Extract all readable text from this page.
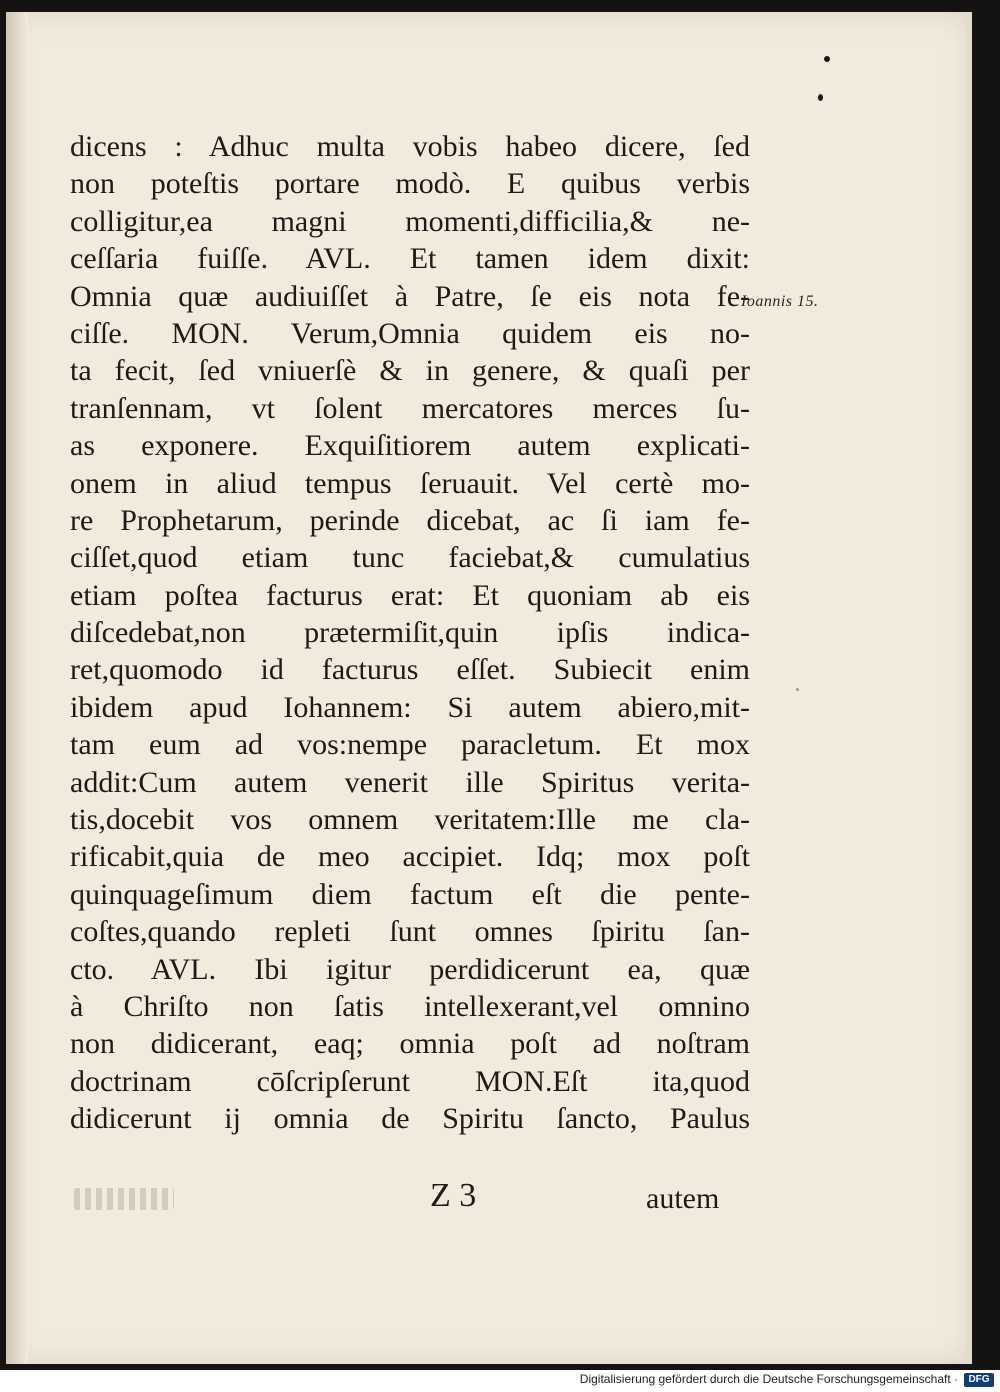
dicens : Adhuc multa vobis habeo dicere, ſed
non poteſtis portare modò. E quibus verbis
colligitur,ea magni momenti,difficilia,& ne-
ceſſaria fuiſſe. AVL. Et tamen idem dixit:
Omnia quæ audiuiſſet à Patre, ſe eis nota fe-
ciſſe. MON. Verum,Omnia quidem eis no-
ta fecit, ſed vniuerſè & in genere, & quaſi per
tranſennam, vt ſolent mercatores merces ſu-
as exponere. Exquiſitiorem autem explicati-
onem in aliud tempus ſeruauit. Vel certè mo-
re Prophetarum, perinde dicebat, ac ſi iam fe-
ciſſet,quod etiam tunc faciebat,& cumulatius
etiam poſtea facturus erat: Et quoniam ab eis
diſcedebat,non prætermiſit,quin ipſis indica-
ret,quomodo id facturus eſſet. Subiecit enim
ibidem apud Iohannem: Si autem abiero,mit-
tam eum ad vos:nempe paracletum. Et mox
addit:Cum autem venerit ille Spiritus verita-
tis,docebit vos omnem veritatem:Ille me cla-
rificabit,quia de meo accipiet. Idq; mox poſt
quinquageſimum diem factum eſt die pente-
coſtes,quando repleti ſunt omnes ſpiritu ſan-
cto. AVL. Ibi igitur perdidicerunt ea, quæ
à Chriſto non ſatis intellexerant,vel omnino
non didicerant, eaq; omnia poſt ad noſtram
doctrinam cōſcripſerunt MON.Eſt ita,quod
didicerunt ij omnia de Spiritu ſancto, Paulus
Ioannis 15.
Z 3	autem
Digitalisierung gefördert durch die Deutsche Forschungsgemeinschaft ·	DFG
